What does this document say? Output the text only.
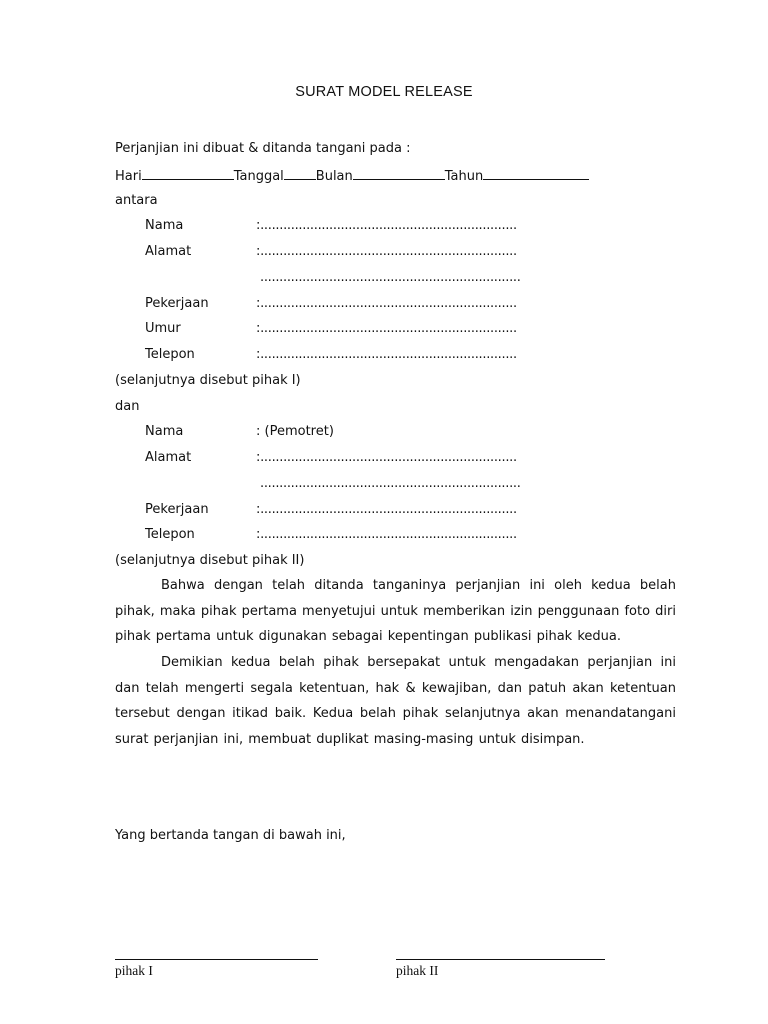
SURAT MODEL RELEASE
Perjanjian ini dibuat & ditanda tangani pada :
Hari	Tanggal Bulan	Tahun
antara
Nama	:...................................................................
Alamat	:...................................................................
....................................................................
Pekerjaan	:...................................................................
Umur	:...................................................................
Telepon	:...................................................................
(selanjutnya disebut pihak I)
dan
Nama	: (Pemotret)
Alamat	:...................................................................
....................................................................
Pekerjaan	:...................................................................
Telepon	:...................................................................
(selanjutnya disebut pihak II)
Bahwa dengan telah ditanda tanganinya perjanjian ini oleh kedua belah pihak, maka pihak pertama menyetujui untuk memberikan izin penggunaan foto diri pihak pertama untuk digunakan sebagai kepentingan publikasi pihak kedua.
Demikian kedua belah pihak bersepakat untuk mengadakan perjanjian ini dan telah mengerti segala ketentuan, hak & kewajiban, dan patuh akan ketentuan tersebut dengan itikad baik. Kedua belah pihak selanjutnya akan menandatangani surat perjanjian ini, membuat duplikat masing-masing untuk disimpan.
Yang bertanda tangan di bawah ini,
pihak I	pihak II
